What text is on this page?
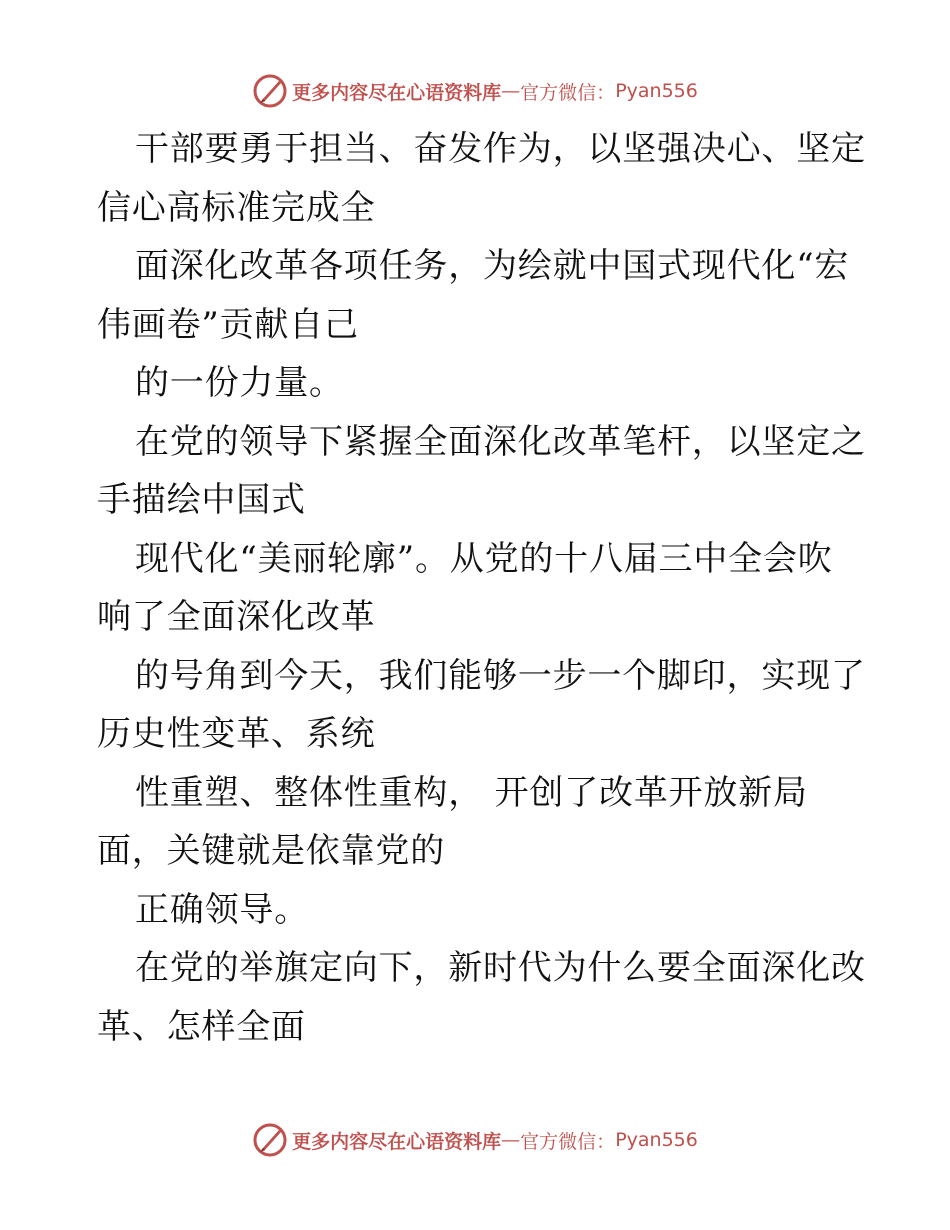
更多内容尽在心语资料库 — 官方微信： Pyan556

干部要勇于担当、奋发作为，以坚强决心、坚定
信心高标准完成全

面深化改革各项任务，为绘就中国式现代化“宏
伟画卷”贡献自己

的一份力量。

在党的领导下紧握全面深化改革笔杆，以坚定之
手描绘中国式

现代化“美丽轮廓”。从党的十八届三中全会吹
响了全面深化改革

的号角到今天，我们能够一步一个脚印，实现了
历史性变革、系统

性重塑、整体性重构， 开创了改革开放新局
面，关键就是依靠党的

正确领导。

在党的举旗定向下，新时代为什么要全面深化改
革、怎样全面

更多内容尽在心语资料库 — 官方微信： Pyan556
